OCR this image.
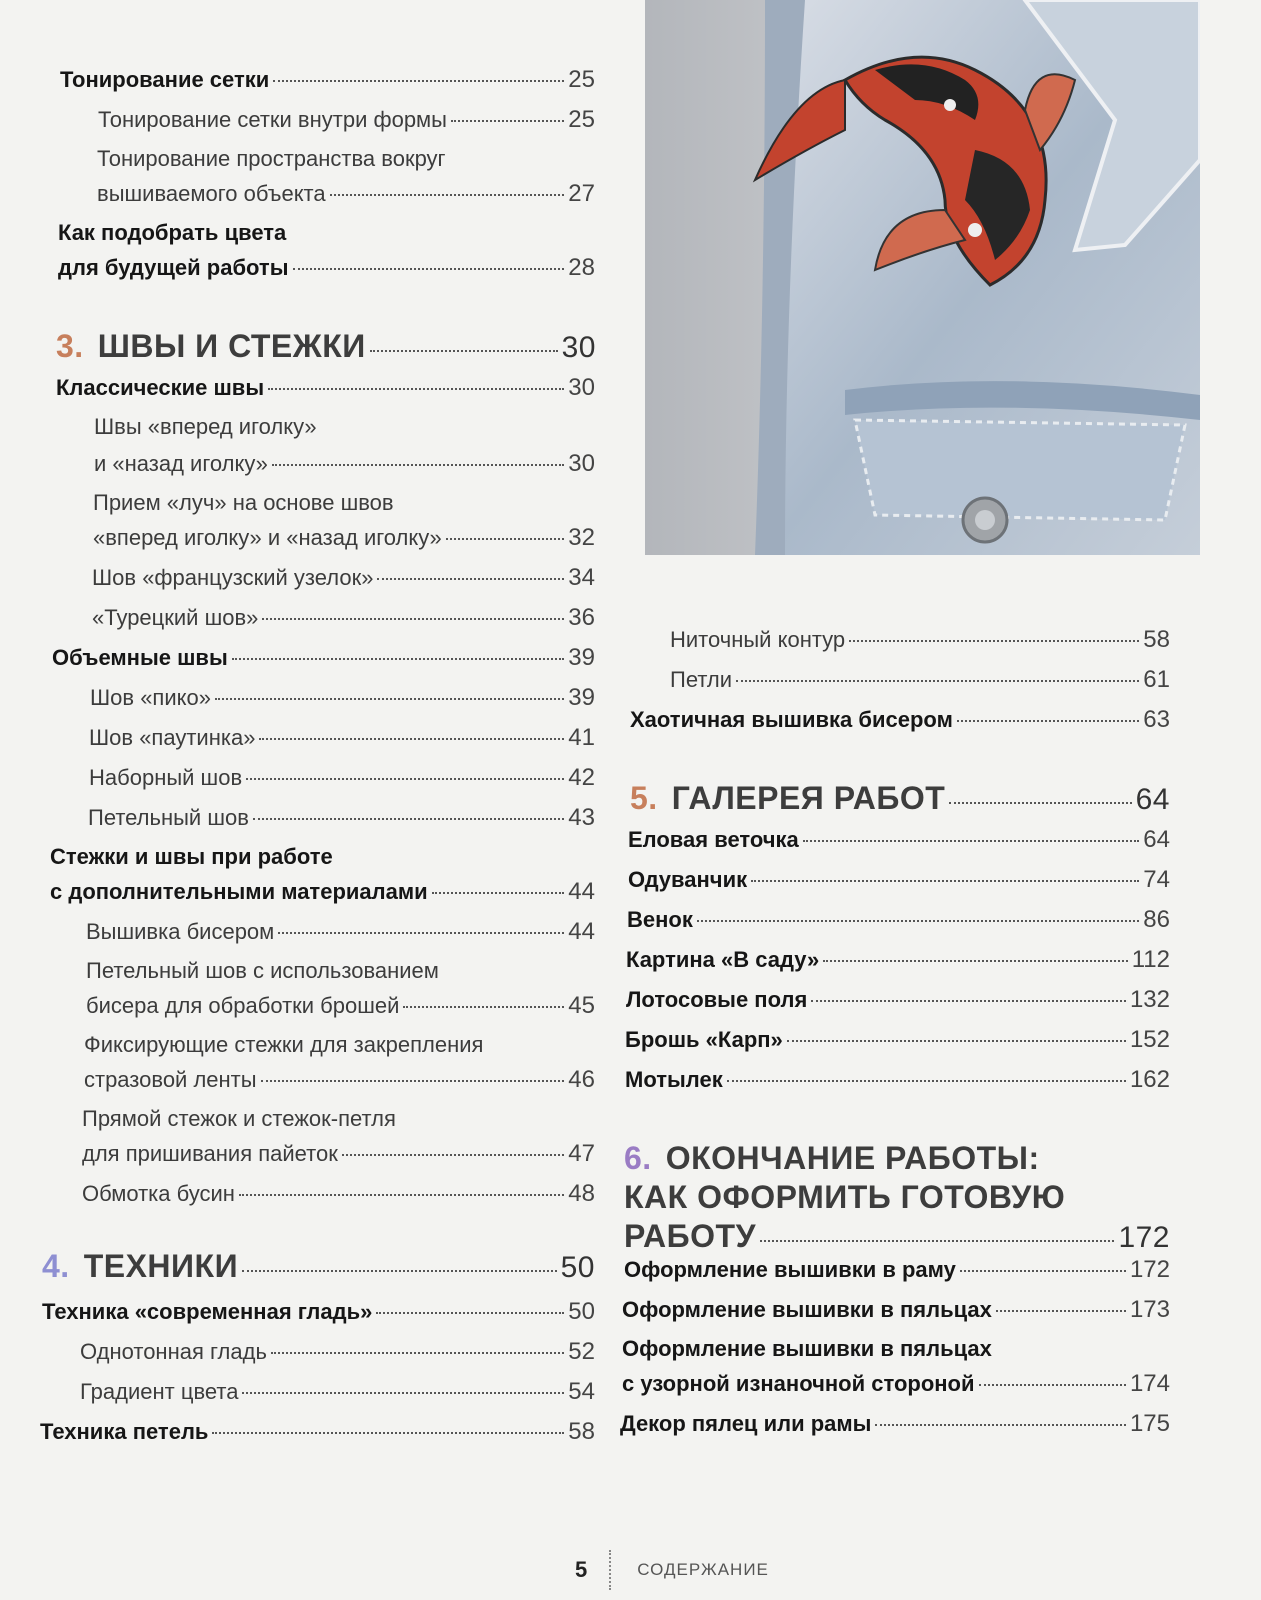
Тонирование сетки	25
Тонирование сетки внутри формы	25
Тонирование пространства вокруг
вышиваемого объекта	27
Как подобрать цвета
для будущей работы	28
3. ШВЫ И СТЕЖКИ	30
Классические швы	30
Швы «вперед иголку»
и «назад иголку»	30
Прием «луч» на основе швов
«вперед иголку» и «назад иголку»	32
Шов «французский узелок»	34
«Турецкий шов»	36
Объемные швы	39
Шов «пико»	39
Шов «паутинка»	41
Наборный шов	42
Петельный шов	43
Стежки и швы при работе
с дополнительными материалами	44
Вышивка бисером	44
Петельный шов с использованием
бисера для обработки брошей	45
Фиксирующие стежки для закрепления
стразовой ленты	46
Прямой стежок и стежок-петля
для пришивания пайеток	47
Обмотка бусин	48
4. ТЕХНИКИ	50
Техника «современная гладь»	50
Однотонная гладь	52
Градиент цвета	54
Техника петель	58
Ниточный контур	58
Петли	61
Хаотичная вышивка бисером	63
5. ГАЛЕРЕЯ РАБОТ	64
Еловая веточка	64
Одуванчик	74
Венок	86
Картина «В саду»	112
Лотосовые поля	132
Брошь «Карп»	152
Мотылек	162
6. ОКОНЧАНИЕ РАБОТЫ:
КАК ОФОРМИТЬ ГОТОВУЮ
РАБОТУ	172
Оформление вышивки в раму	172
Оформление вышивки в пяльцах	173
Оформление вышивки в пяльцах
с узорной изнаночной стороной	174
Декор пялец или рамы	175
5	СОДЕРЖАНИЕ
